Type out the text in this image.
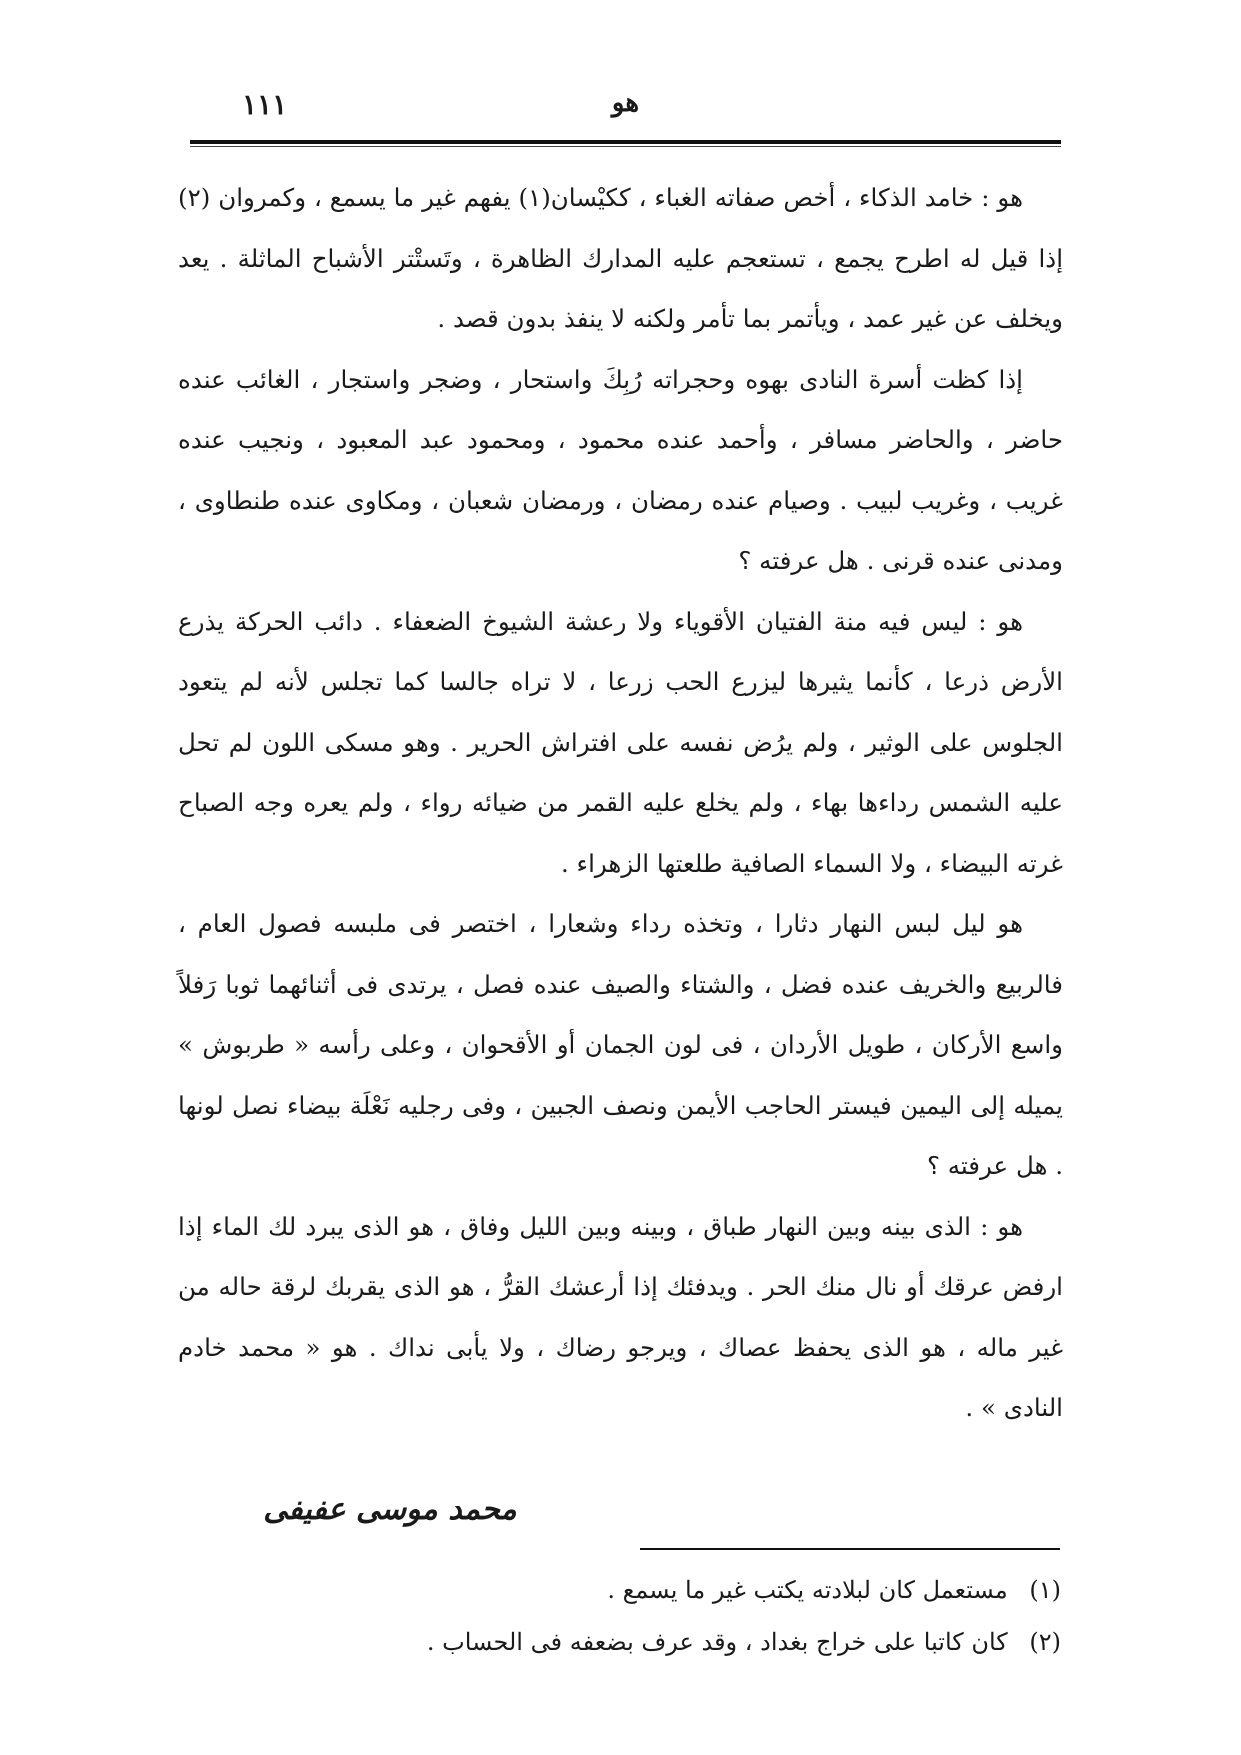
١١١	هو

هو : خامد الذكاء ، أخص صفاته الغباء ، ككيْسان(١) يفهم غير ما يسمع ، وكمروان (٢) إذا قيل له اطرح يجمع ، تستعجم عليه المدارك الظاهرة ، وتَستْتر الأشباح الماثلة . يعد ويخلف عن غير عمد ، ويأتمر بما تأمر ولكنه لا ينفذ بدون قصد .

إذا كظت أسرة النادى بهوه وحجراته رُبِكَ واستحار ، وضجر واستجار ، الغائب عنده حاضر ، والحاضر مسافر ، وأحمد عنده محمود ، ومحمود عبد المعبود ، ونجيب عنده غريب ، وغريب لبيب . وصيام عنده رمضان ، ورمضان شعبان ، ومكاوى عنده طنطاوى ، ومدنى عنده قرنى . هل عرفته ؟

هو : ليس فيه منة الفتيان الأقوياء ولا رعشة الشيوخ الضعفاء . دائب الحركة يذرع الأرض ذرعا ، كأنما يثيرها ليزرع الحب زرعا ، لا تراه جالسا كما تجلس لأنه لم يتعود الجلوس على الوثير ، ولم يرُض نفسه على افتراش الحرير . وهو مسكى اللون لم تحل عليه الشمس رداءها بهاء ، ولم يخلع عليه القمر من ضيائه رواء ، ولم يعره وجه الصباح غرته البيضاء ، ولا السماء الصافية طلعتها الزهراء .

هو ليل لبس النهار دثارا ، وتخذه رداء وشعارا ، اختصر فى ملبسه فصول العام ، فالربيع والخريف عنده فضل ، والشتاء والصيف عنده فصل ، يرتدى فى أثنائهما ثوبا رَفلاً واسع الأركان ، طويل الأردان ، فى لون الجمان أو الأقحوان ، وعلى رأسه « طربوش » يميله إلى اليمين فيستر الحاجب الأيمن ونصف الجبين ، وفى رجليه نَعْلَة بيضاء نصل لونها . هل عرفته ؟

هو : الذى بينه وبين النهار طباق ، وبينه وبين الليل وفاق ، هو الذى يبرد لك الماء إذا ارفض عرقك أو نال منك الحر . ويدفئك إذا أرعشك القرُّ ، هو الذى يقربك لرقة حاله من غير ماله ، هو الذى يحفظ عصاك ، ويرجو رضاك ، ولا يأبى نداك . هو « محمد خادم النادى » .

محمد موسى عفيفى

(١) مستعمل كان لبلادته يكتب غير ما يسمع .

(٢) كان كاتبا على خراج بغداد ، وقد عرف بضعفه فى الحساب .
